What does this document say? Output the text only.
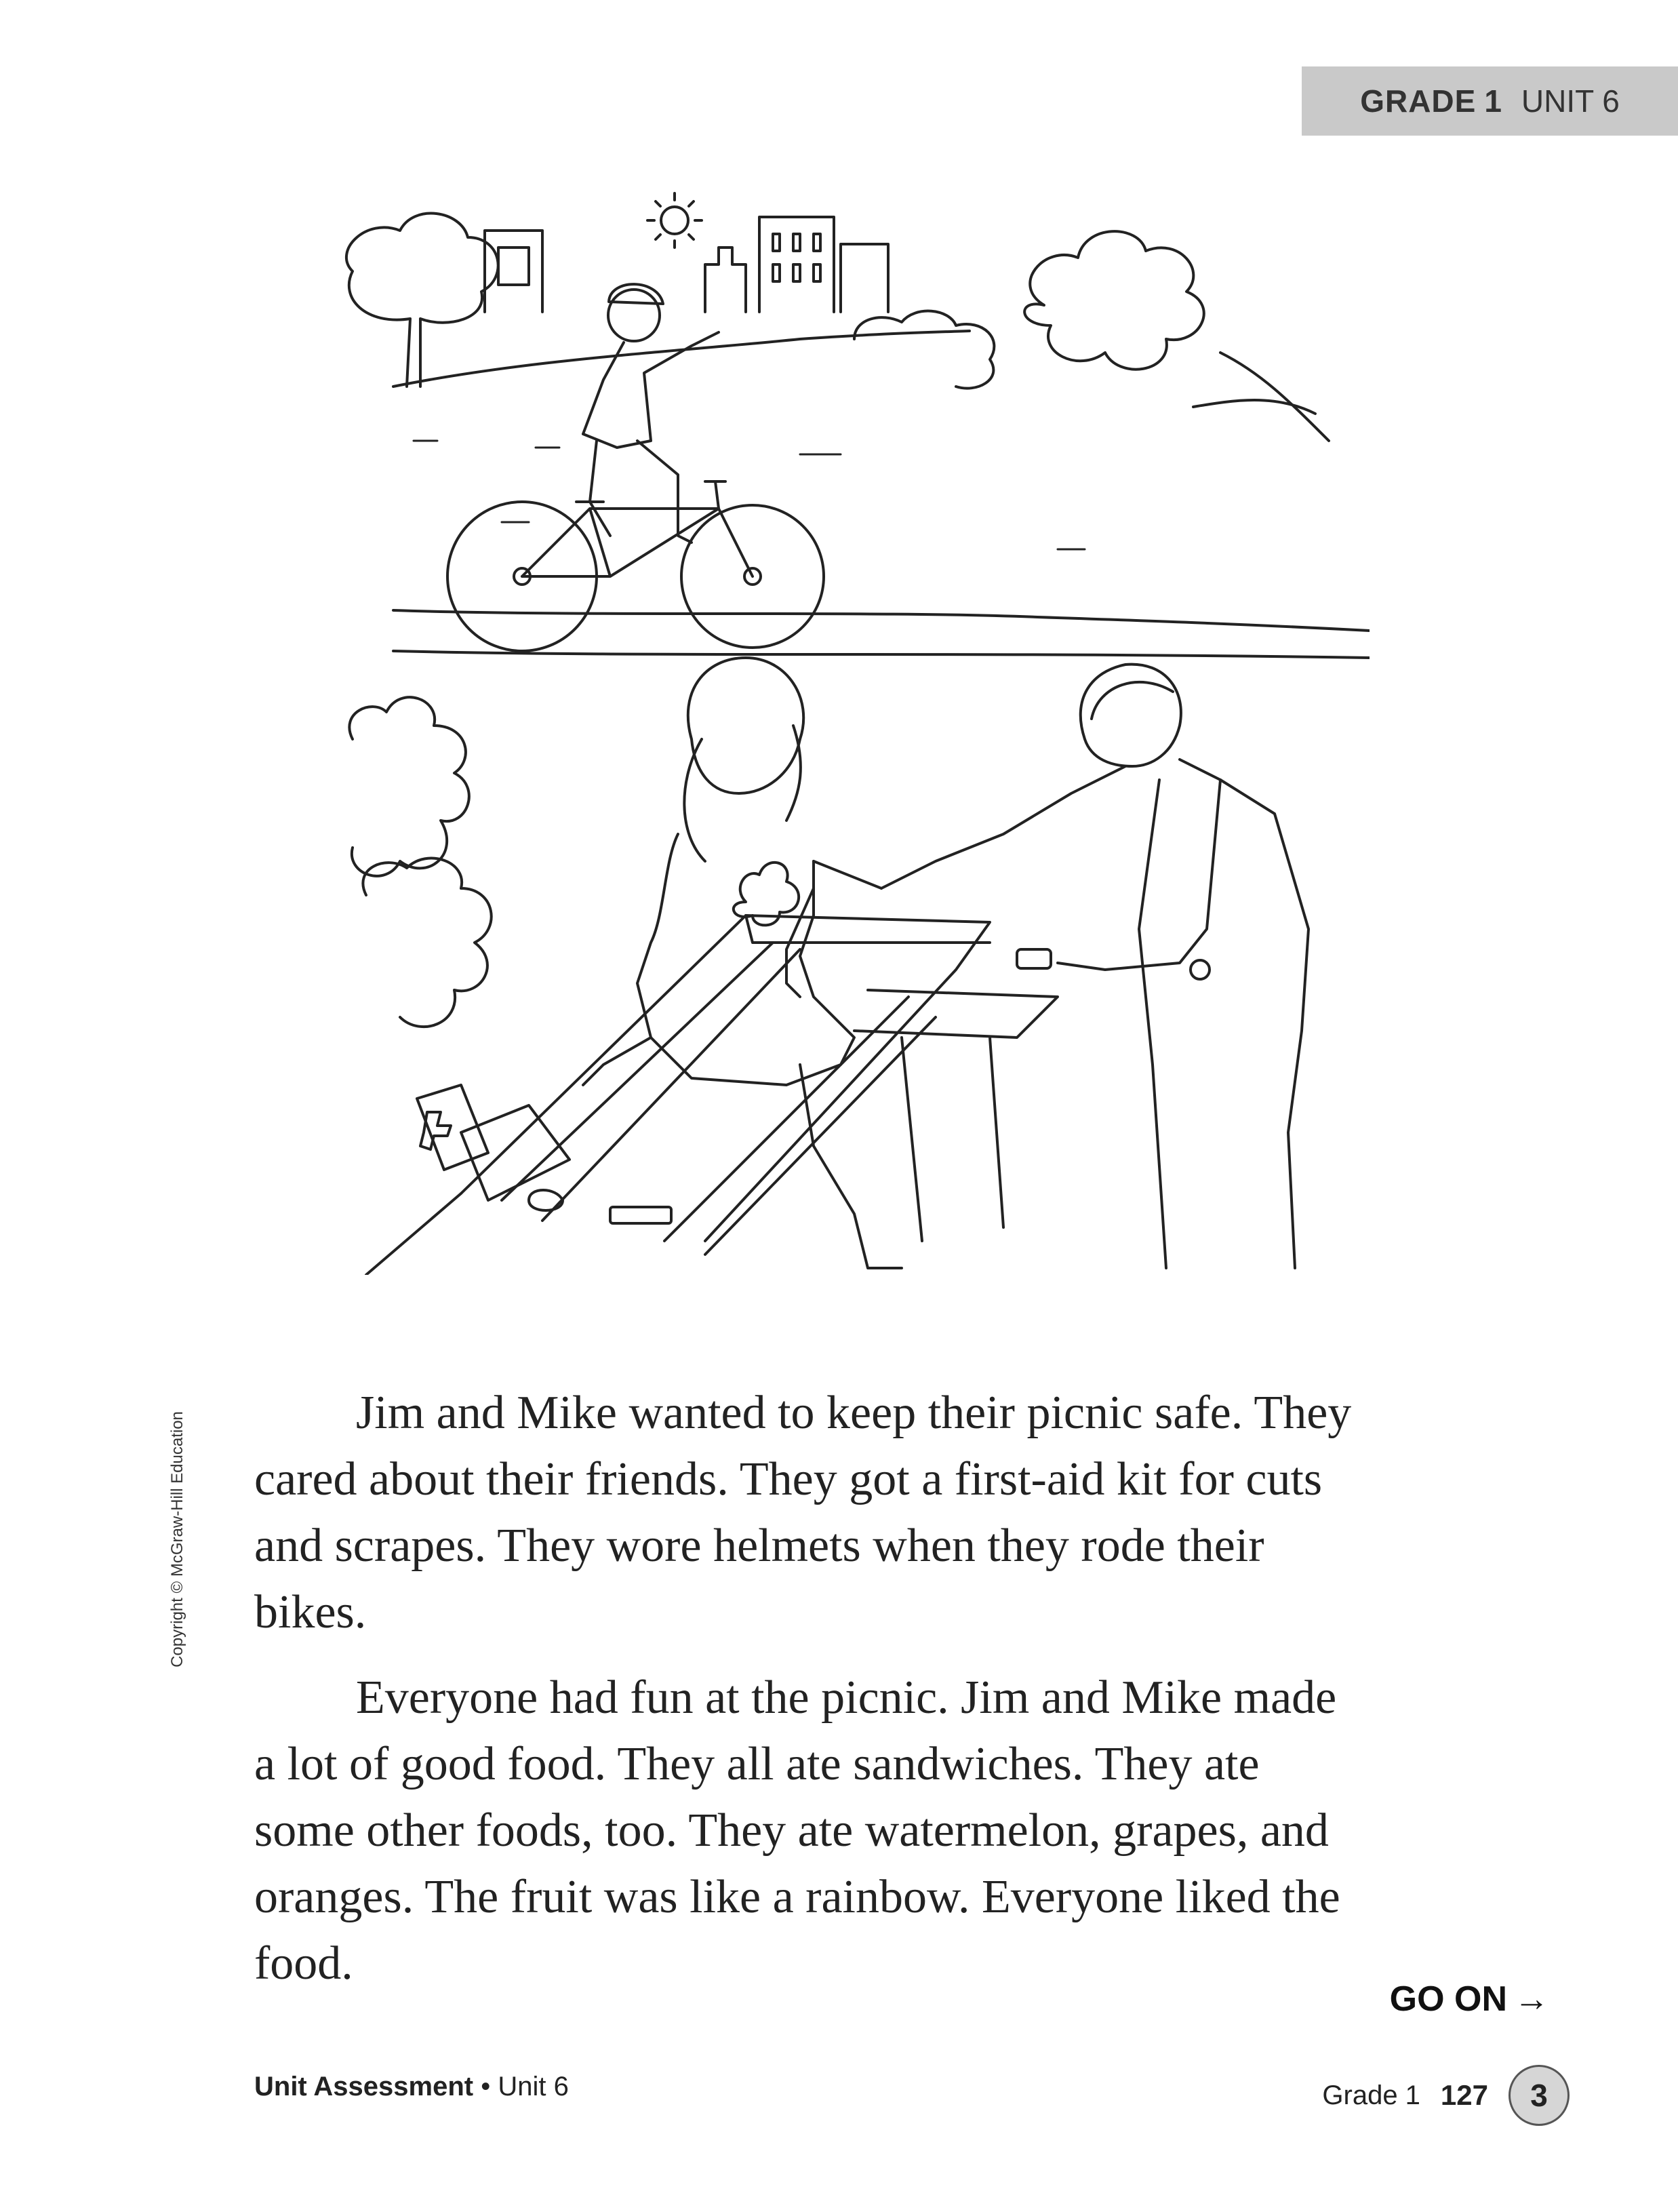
GRADE 1 UNIT 6
Copyright © McGraw-Hill Education	Jim and Mike wanted to keep their picnic safe. They cared about their friends. They got a first-aid kit for cuts and scrapes. They wore helmets when they rode their bikes.

Everyone had fun at the picnic. Jim and Mike made a lot of good food. They all ate sandwiches. They ate some other foods, too. They ate watermelon, grapes, and oranges. The fruit was like a rainbow. Everyone liked the food.

GO ON →
Unit Assessment • Unit 6	Grade 1 127	3
